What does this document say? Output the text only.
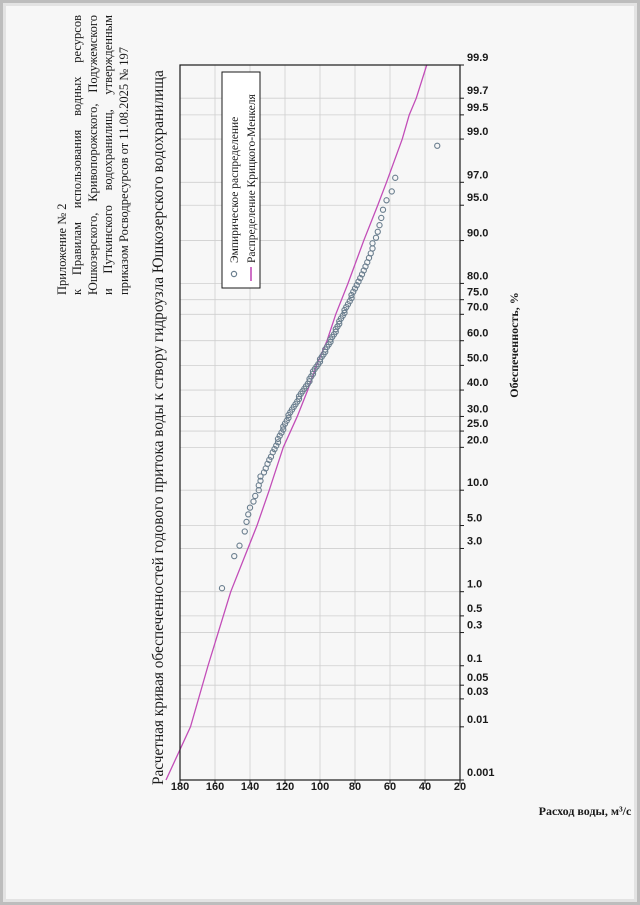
Приложение № 2 к Правилам использования водных ресурсов Юшкозерского, Кривопорожского, Подужемского и Путкинского водохранилищ, утвержденным приказом Росводресурсов от 11.08.2025 № 197 Расчетная кривая обеспеченностей годового притока воды к створу гидроузла Юшкозерского водохранилища	0.001
0.01
0.03
0.05
0.1
0.3
0.5
1.0
3.0
5.0
10.0
20.0
25.0
30.0
40.0
50.0
60.0
70.0
75.0
80.0
90.0
95.0
97.0
99.0
99.5
99.7
99.9
20
40
60
80
100
120
140
160
180
Обеспеченность, %
Расход воды, м³/с
Эмпирическое распределение Распределение Крицкого-Менкеля
